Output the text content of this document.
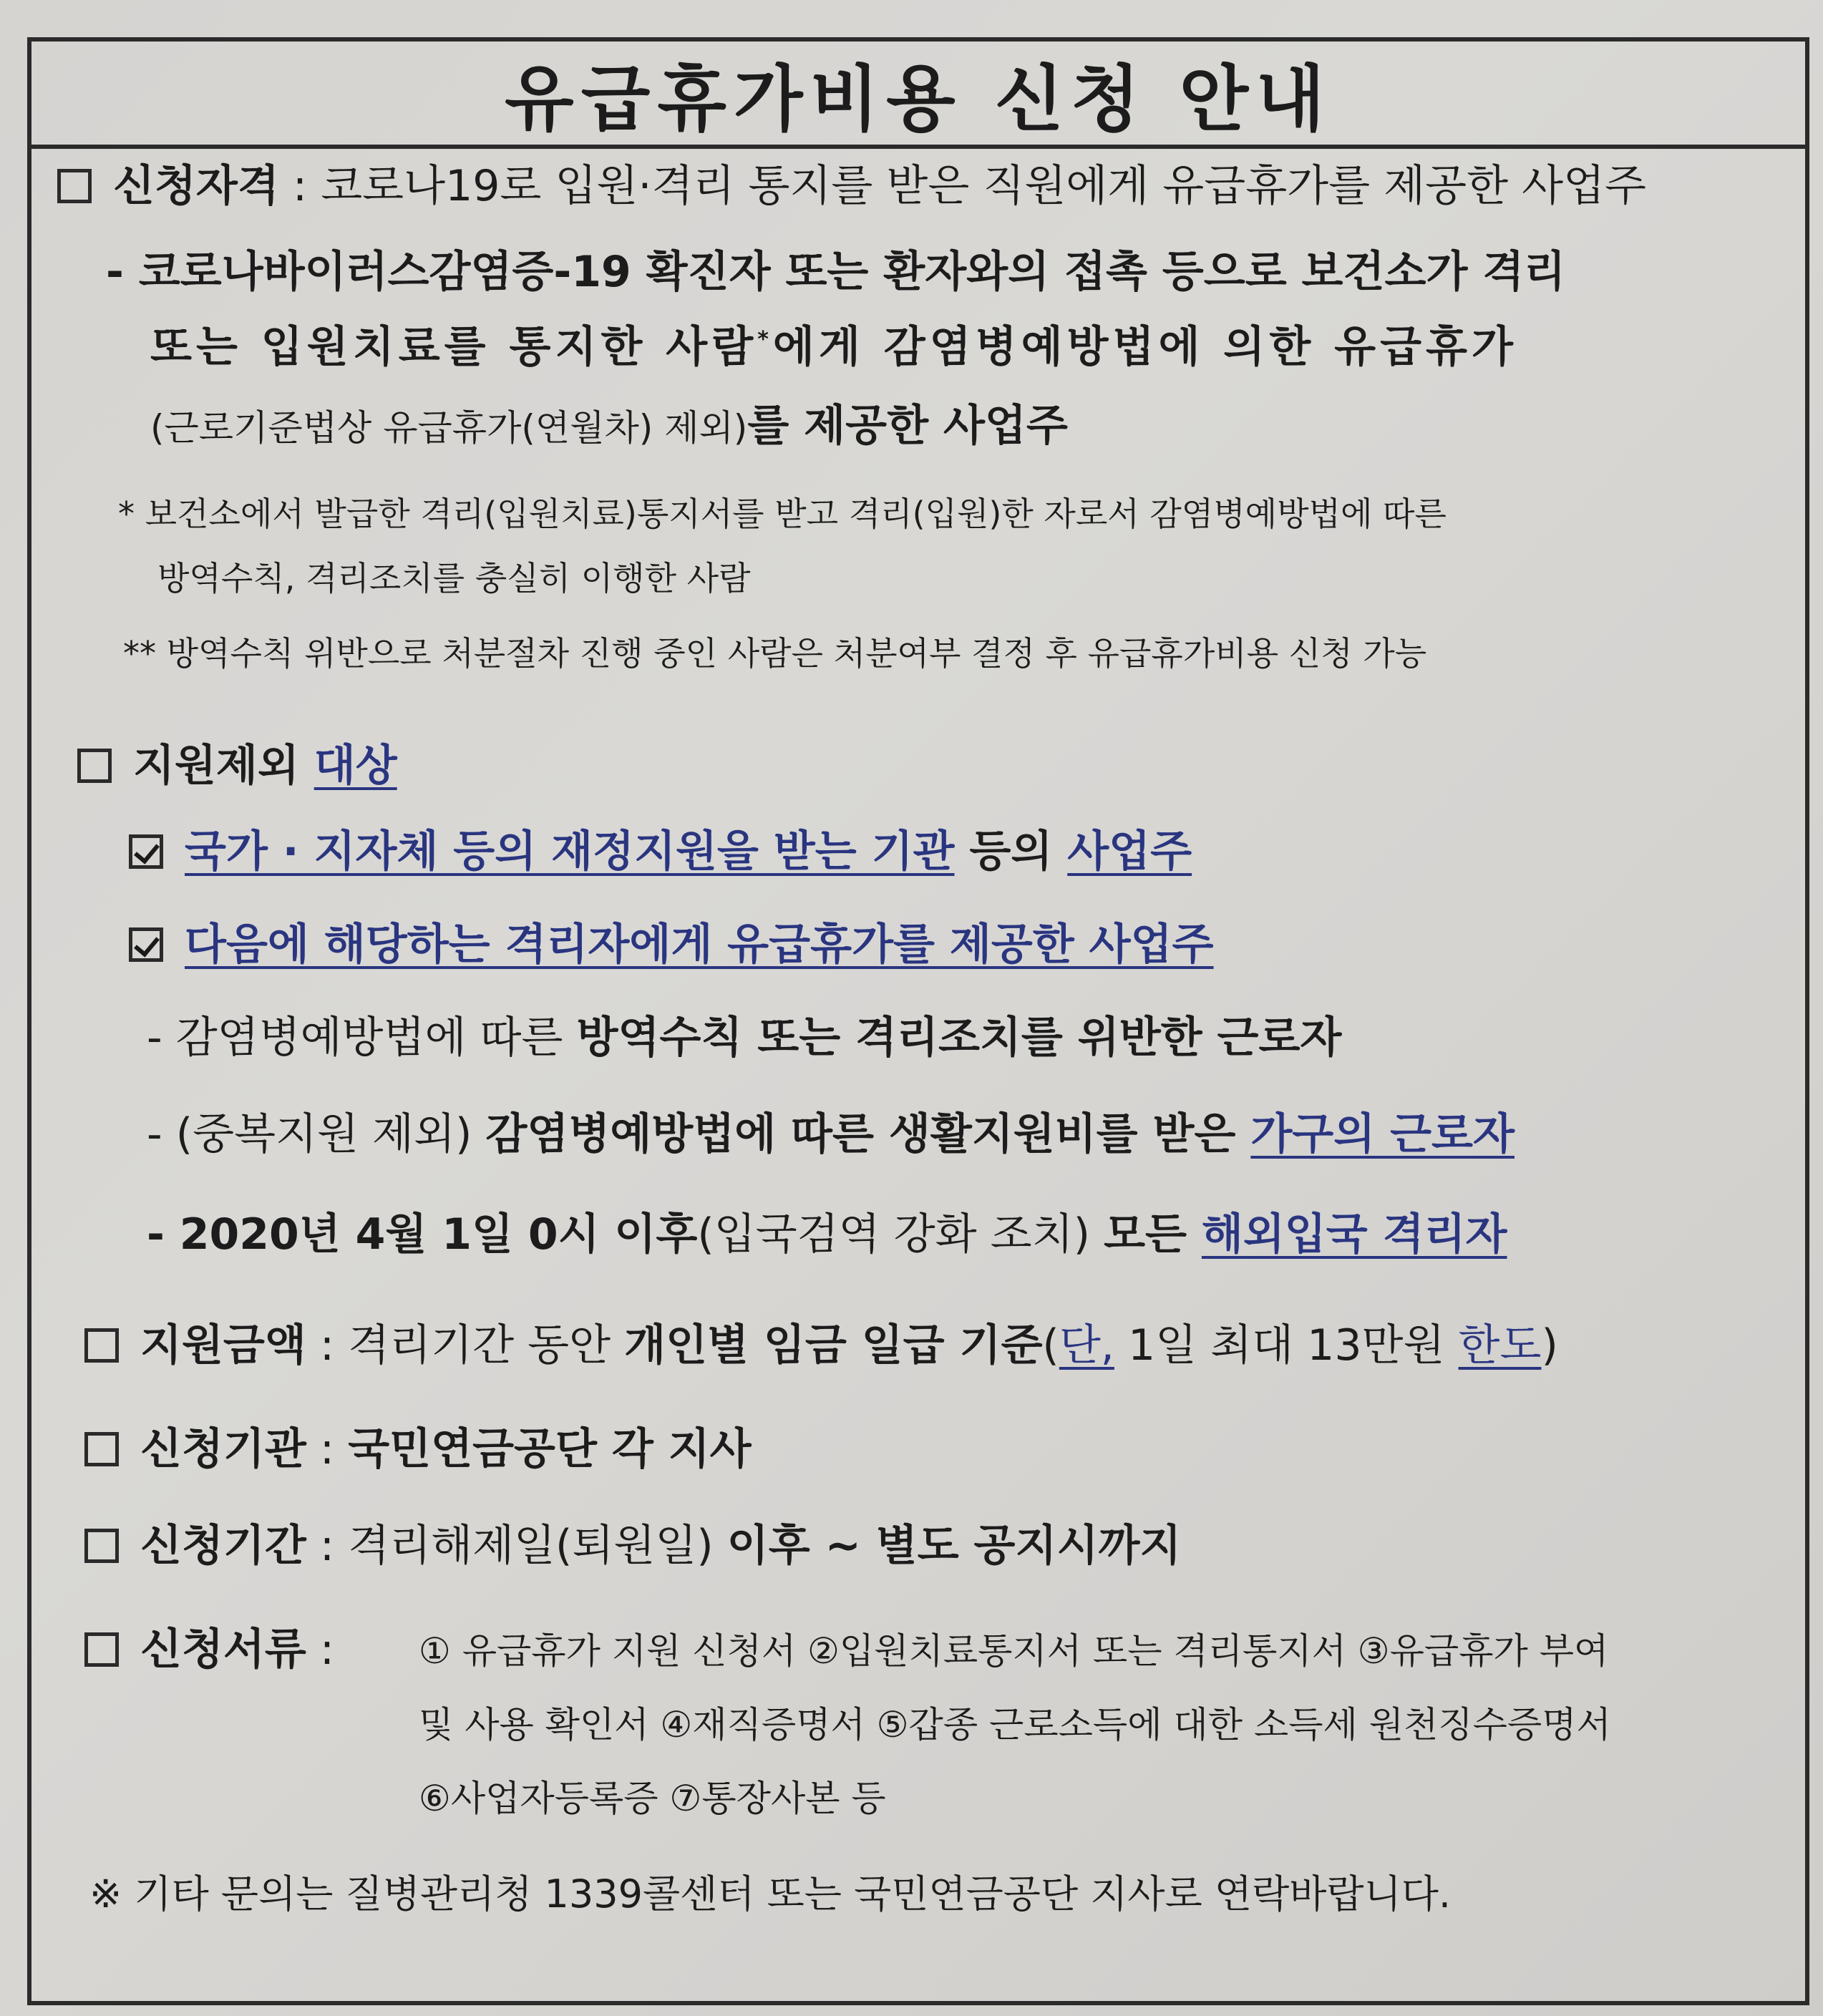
유급휴가비용 신청 안내
신청자격 : 코로나19로 입원·격리 통지를 받은 직원에게 유급휴가를 제공한 사업주
- 코로나바이러스감염증-19 확진자 또는 환자와의 접촉 등으로 보건소가 격리
또는 입원치료를 통지한 사람*에게 감염병예방법에 의한 유급휴가
(근로기준법상 유급휴가(연월차) 제외)를 제공한 사업주
* 보건소에서 발급한 격리(입원치료)통지서를 받고 격리(입원)한 자로서 감염병예방법에 따른
방역수칙, 격리조치를 충실히 이행한 사람
** 방역수칙 위반으로 처분절차 진행 중인 사람은 처분여부 결정 후 유급휴가비용 신청 가능
지원제외 대상
국가 · 지자체 등의 재정지원을 받는 기관 등의 사업주
다음에 해당하는 격리자에게 유급휴가를 제공한 사업주
- 감염병예방법에 따른 방역수칙 또는 격리조치를 위반한 근로자
- (중복지원 제외) 감염병예방법에 따른 생활지원비를 받은 가구의 근로자
- 2020년 4월 1일 0시 이후(입국검역 강화 조치) 모든 해외입국 격리자
지원금액 : 격리기간 동안 개인별 임금 일급 기준(단, 1일 최대 13만원 한도)
신청기관 : 국민연금공단 각 지사
신청기간 : 격리해제일(퇴원일) 이후 ~ 별도 공지시까지
신청서류 : ① 유급휴가 지원 신청서 ②입원치료통지서 또는 격리통지서 ③유급휴가 부여
및 사용 확인서 ④재직증명서 ⑤갑종 근로소득에 대한 소득세 원천징수증명서
⑥사업자등록증 ⑦통장사본 등
※ 기타 문의는 질병관리청 1339콜센터 또는 국민연금공단 지사로 연락바랍니다.
